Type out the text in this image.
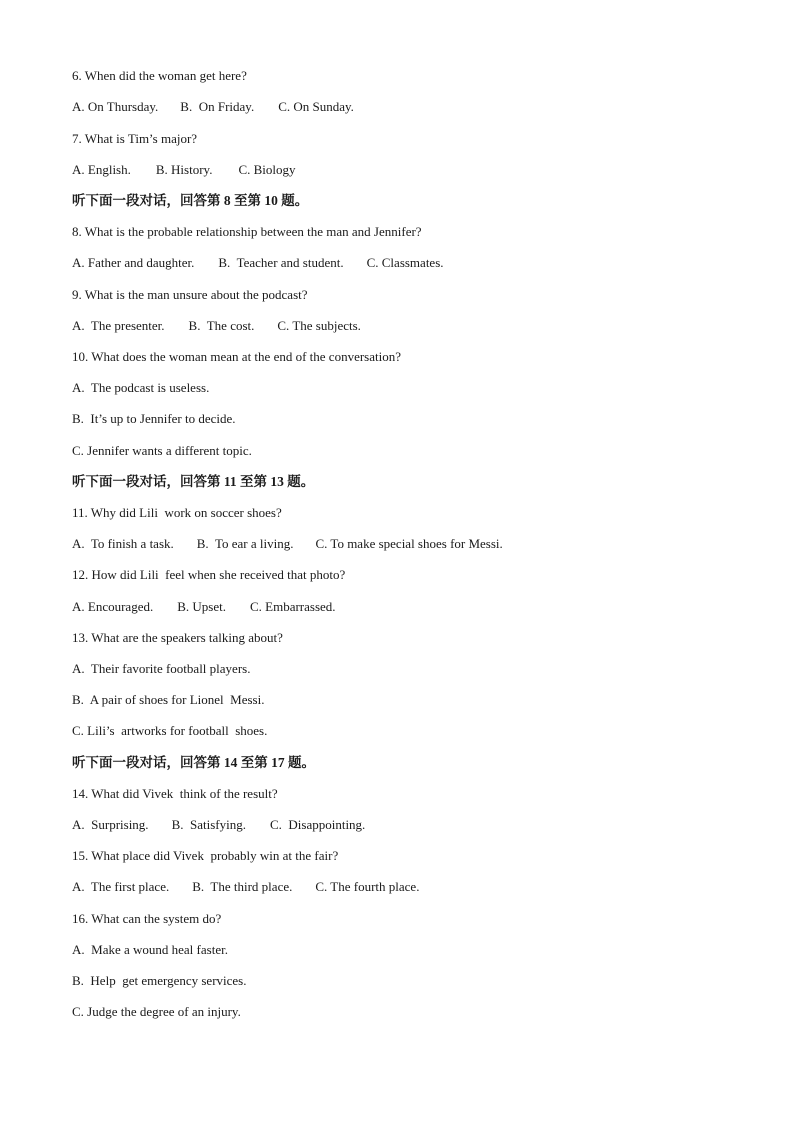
6. When did the woman get here?
A. On Thursday. B.  On Friday. C. On Sunday.
7. What is Tim’s major?
A. English. B. History. C. Biology
听下面一段对话，回答第 8 至第 10 题。
8. What is the probable relationship between the man and Jennifer?
A. Father and daughter. B.  Teacher and student. C. Classmates.
9. What is the man unsure about the podcast?
A.  The presenter. B.  The cost. C. The subjects.
10. What does the woman mean at the end of the conversation?
A.  The podcast is useless.
B.  It’s up to Jennifer to decide.
C. Jennifer wants a different topic.
听下面一段对话，回答第 11 至第 13 题。
11. Why did Lili  work on soccer shoes?
A.  To finish a task. B.  To ear a living. C. To make special shoes for Messi.
12. How did Lili  feel when she received that photo?
A. Encouraged. B. Upset. C. Embarrassed.
13. What are the speakers talking about?
A.  Their favorite football players.
B.  A pair of shoes for Lionel  Messi.
C. Lili’s  artworks for football  shoes.
听下面一段对话，回答第 14 至第 17 题。
14. What did Vivek  think of the result?
A.  Surprising. B.  Satisfying. C.  Disappointing.
15. What place did Vivek  probably win at the fair?
A.  The first place. B.  The third place. C. The fourth place.
16. What can the system do?
A.  Make a wound heal faster.
B.  Help  get emergency services.
C. Judge the degree of an injury.
